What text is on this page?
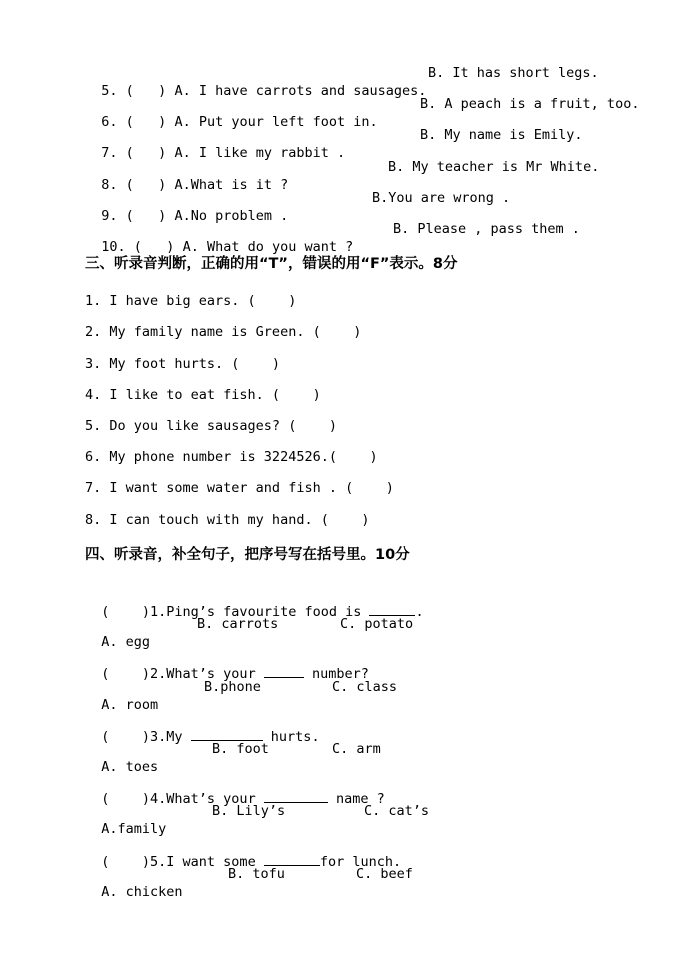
5. (   ) A. I have carrots and sausages.
B. It has short legs.

6. (   ) A. Put your left foot in.
B. A peach is a fruit, too.

7. (   ) A. I like my rabbit .
B. My name is Emily.

8. (   ) A.What is it ?
B. My teacher is Mr White.

9. (   ) A.No problem .
B.You are wrong .

10. (   ) A. What do you want ?
B. Please , pass them .

三、听录音判断，正确的用“T”，错误的用“F”表示。8分
1. I have big ears. (    )
2. My family name is Green. (    )
3. My foot hurts. (    )
4. I like to eat fish. (    )
5. Do you like sausages? (    )
6. My phone number is 3224526.(    )
7. I want some water and fish . (    )
8. I can touch with my hand. (    )
四、听录音，补全句子，把序号写在括号里。10分

(    )1.Ping’s favourite food is	.

A. egg
B. carrots	C. potato

(    )2.What’s your	number?

A. room
B.phone	C. class

(    )3.My	hurts.

A. toes
B. foot	C. arm

(    )4.What’s your	name ?

A.family
B. Lily’s	C. cat’s

(    )5.I want some	for lunch.

A. chicken
B. tofu	C. beef
